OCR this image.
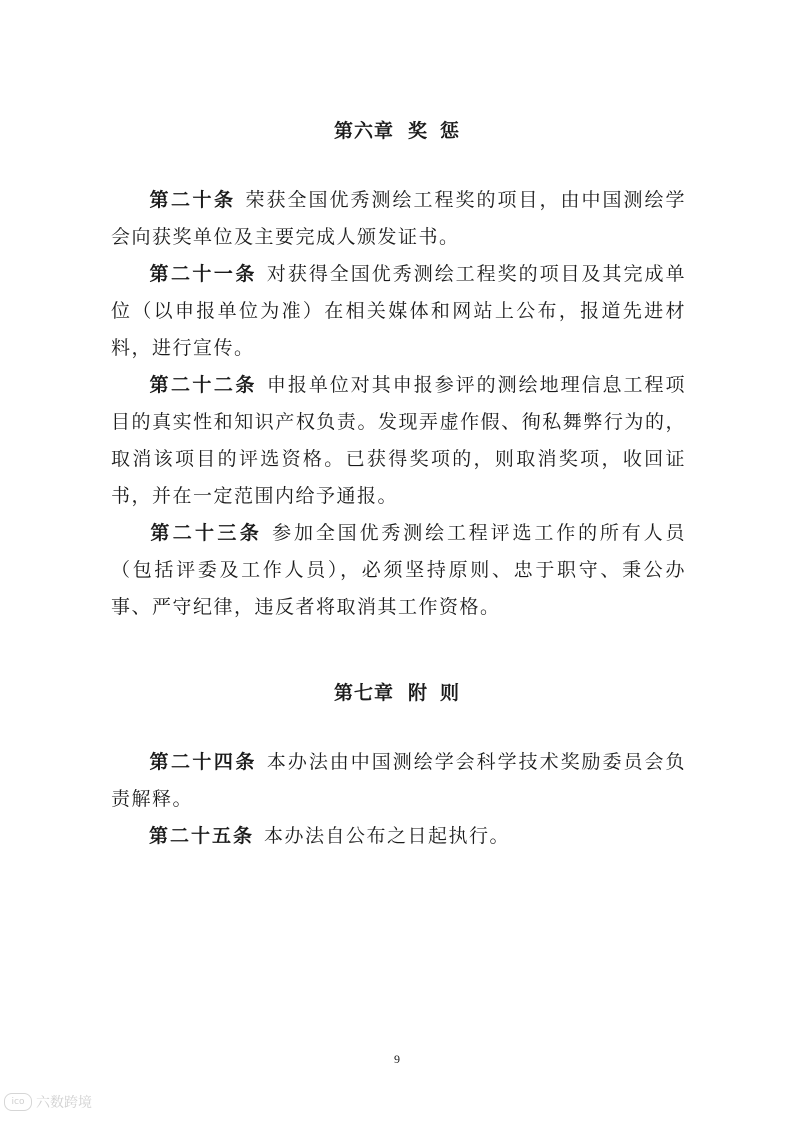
第六章 奖 惩
第二十条 荣获全国优秀测绘工程奖的项目，由中国测绘学会向获奖单位及主要完成人颁发证书。
第二十一条 对获得全国优秀测绘工程奖的项目及其完成单位（以申报单位为准）在相关媒体和网站上公布，报道先进材料，进行宣传。
第二十二条 申报单位对其申报参评的测绘地理信息工程项目的真实性和知识产权负责。发现弄虚作假、徇私舞弊行为的，取消该项目的评选资格。已获得奖项的，则取消奖项，收回证书，并在一定范围内给予通报。
第二十三条 参加全国优秀测绘工程评选工作的所有人员（包括评委及工作人员），必须坚持原则、忠于职守、秉公办事、严守纪律，违反者将取消其工作资格。
第七章 附 则
第二十四条 本办法由中国测绘学会科学技术奖励委员会负责解释。
第二十五条 本办法自公布之日起执行。
9
ico 六数跨境
